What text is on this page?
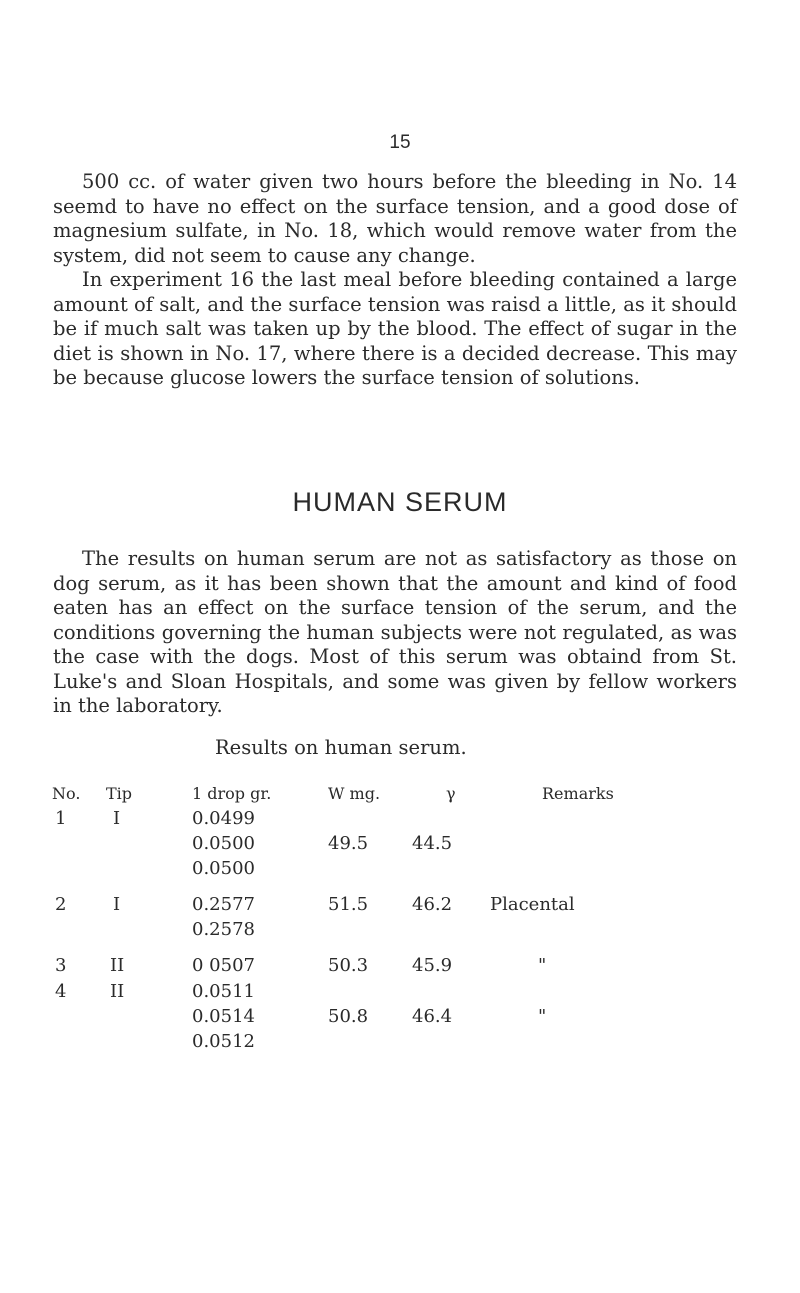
15

500 cc. of water given two hours before the bleeding in No. 14 seemd to have no effect on the surface tension, and a good dose of magnesium sulfate, in No. 18, which would remove water from the system, did not seem to cause any change.

In experiment 16 the last meal before bleeding contained a large amount of salt, and the surface tension was raisd a little, as it should be if much salt was taken up by the blood. The effect of sugar in the diet is shown in No. 17, where there is a decided decrease. This may be because glucose lowers the surface tension of solutions.

HUMAN SERUM

The results on human serum are not as satisfactory as those on dog serum, as it has been shown that the amount and kind of food eaten has an effect on the surface tension of the serum, and the conditions governing the human subjects were not regulated, as was the case with the dogs. Most of this serum was obtaind from St. Luke's and Sloan Hospitals, and some was given by fellow workers in the laboratory.

Results on human serum.
No. Tip	1 drop gr.	W mg.	γ	Remarks
1	I	0.0499
0.0500	49.5 44.5
0.0500
2	I	0.2577	51.5 46.2 Placental
0.2578
3 II	0 0507	50.3 45.9	"
4 II	0.0511
0.0514	50.8 46.4	"
0.0512
